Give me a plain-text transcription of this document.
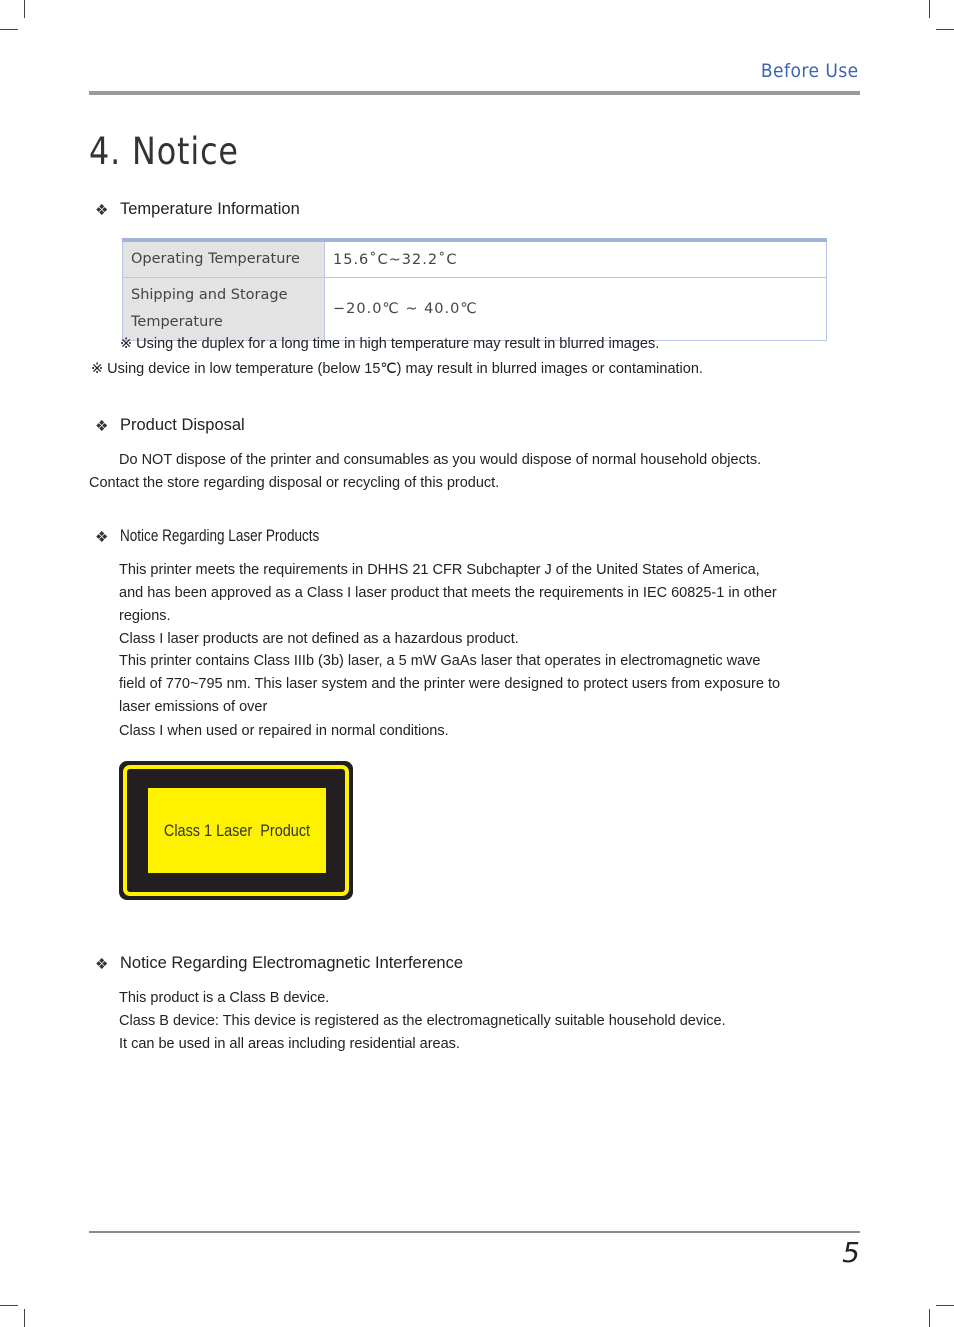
Before Use
4. Notice
❖ Temperature Information
Operating Temperature	15.6˚C~32.2˚C
Shipping and Storage Temperature	−20.0℃ ~ 40.0℃
※ Using the duplex for a long time in high temperature may result in blurred images.
※ Using device in low temperature (below 15℃) may result in blurred images or contamination.
❖ Product Disposal
Do NOT dispose of the printer and consumables as you would dispose of normal household objects.
Contact the store regarding disposal or recycling of this product.
❖ Notice Regarding Laser Products
This printer meets the requirements in DHHS 21 CFR Subchapter J of the United States of America,
and has been approved as a Class I laser product that meets the requirements in IEC 60825-1 in other
regions.
Class I laser products are not defined as a hazardous product.
This printer contains Class IIIb (3b) laser, a 5 mW GaAs laser that operates in electromagnetic wave
field of 770~795 nm. This laser system and the printer were designed to protect users from exposure to
laser emissions of over
Class I when used or repaired in normal conditions.
Class 1 Laser  Product
❖ Notice Regarding Electromagnetic Interference
This product is a Class B device.
Class B device: This device is registered as the electromagnetically suitable household device.
It can be used in all areas including residential areas.
5
